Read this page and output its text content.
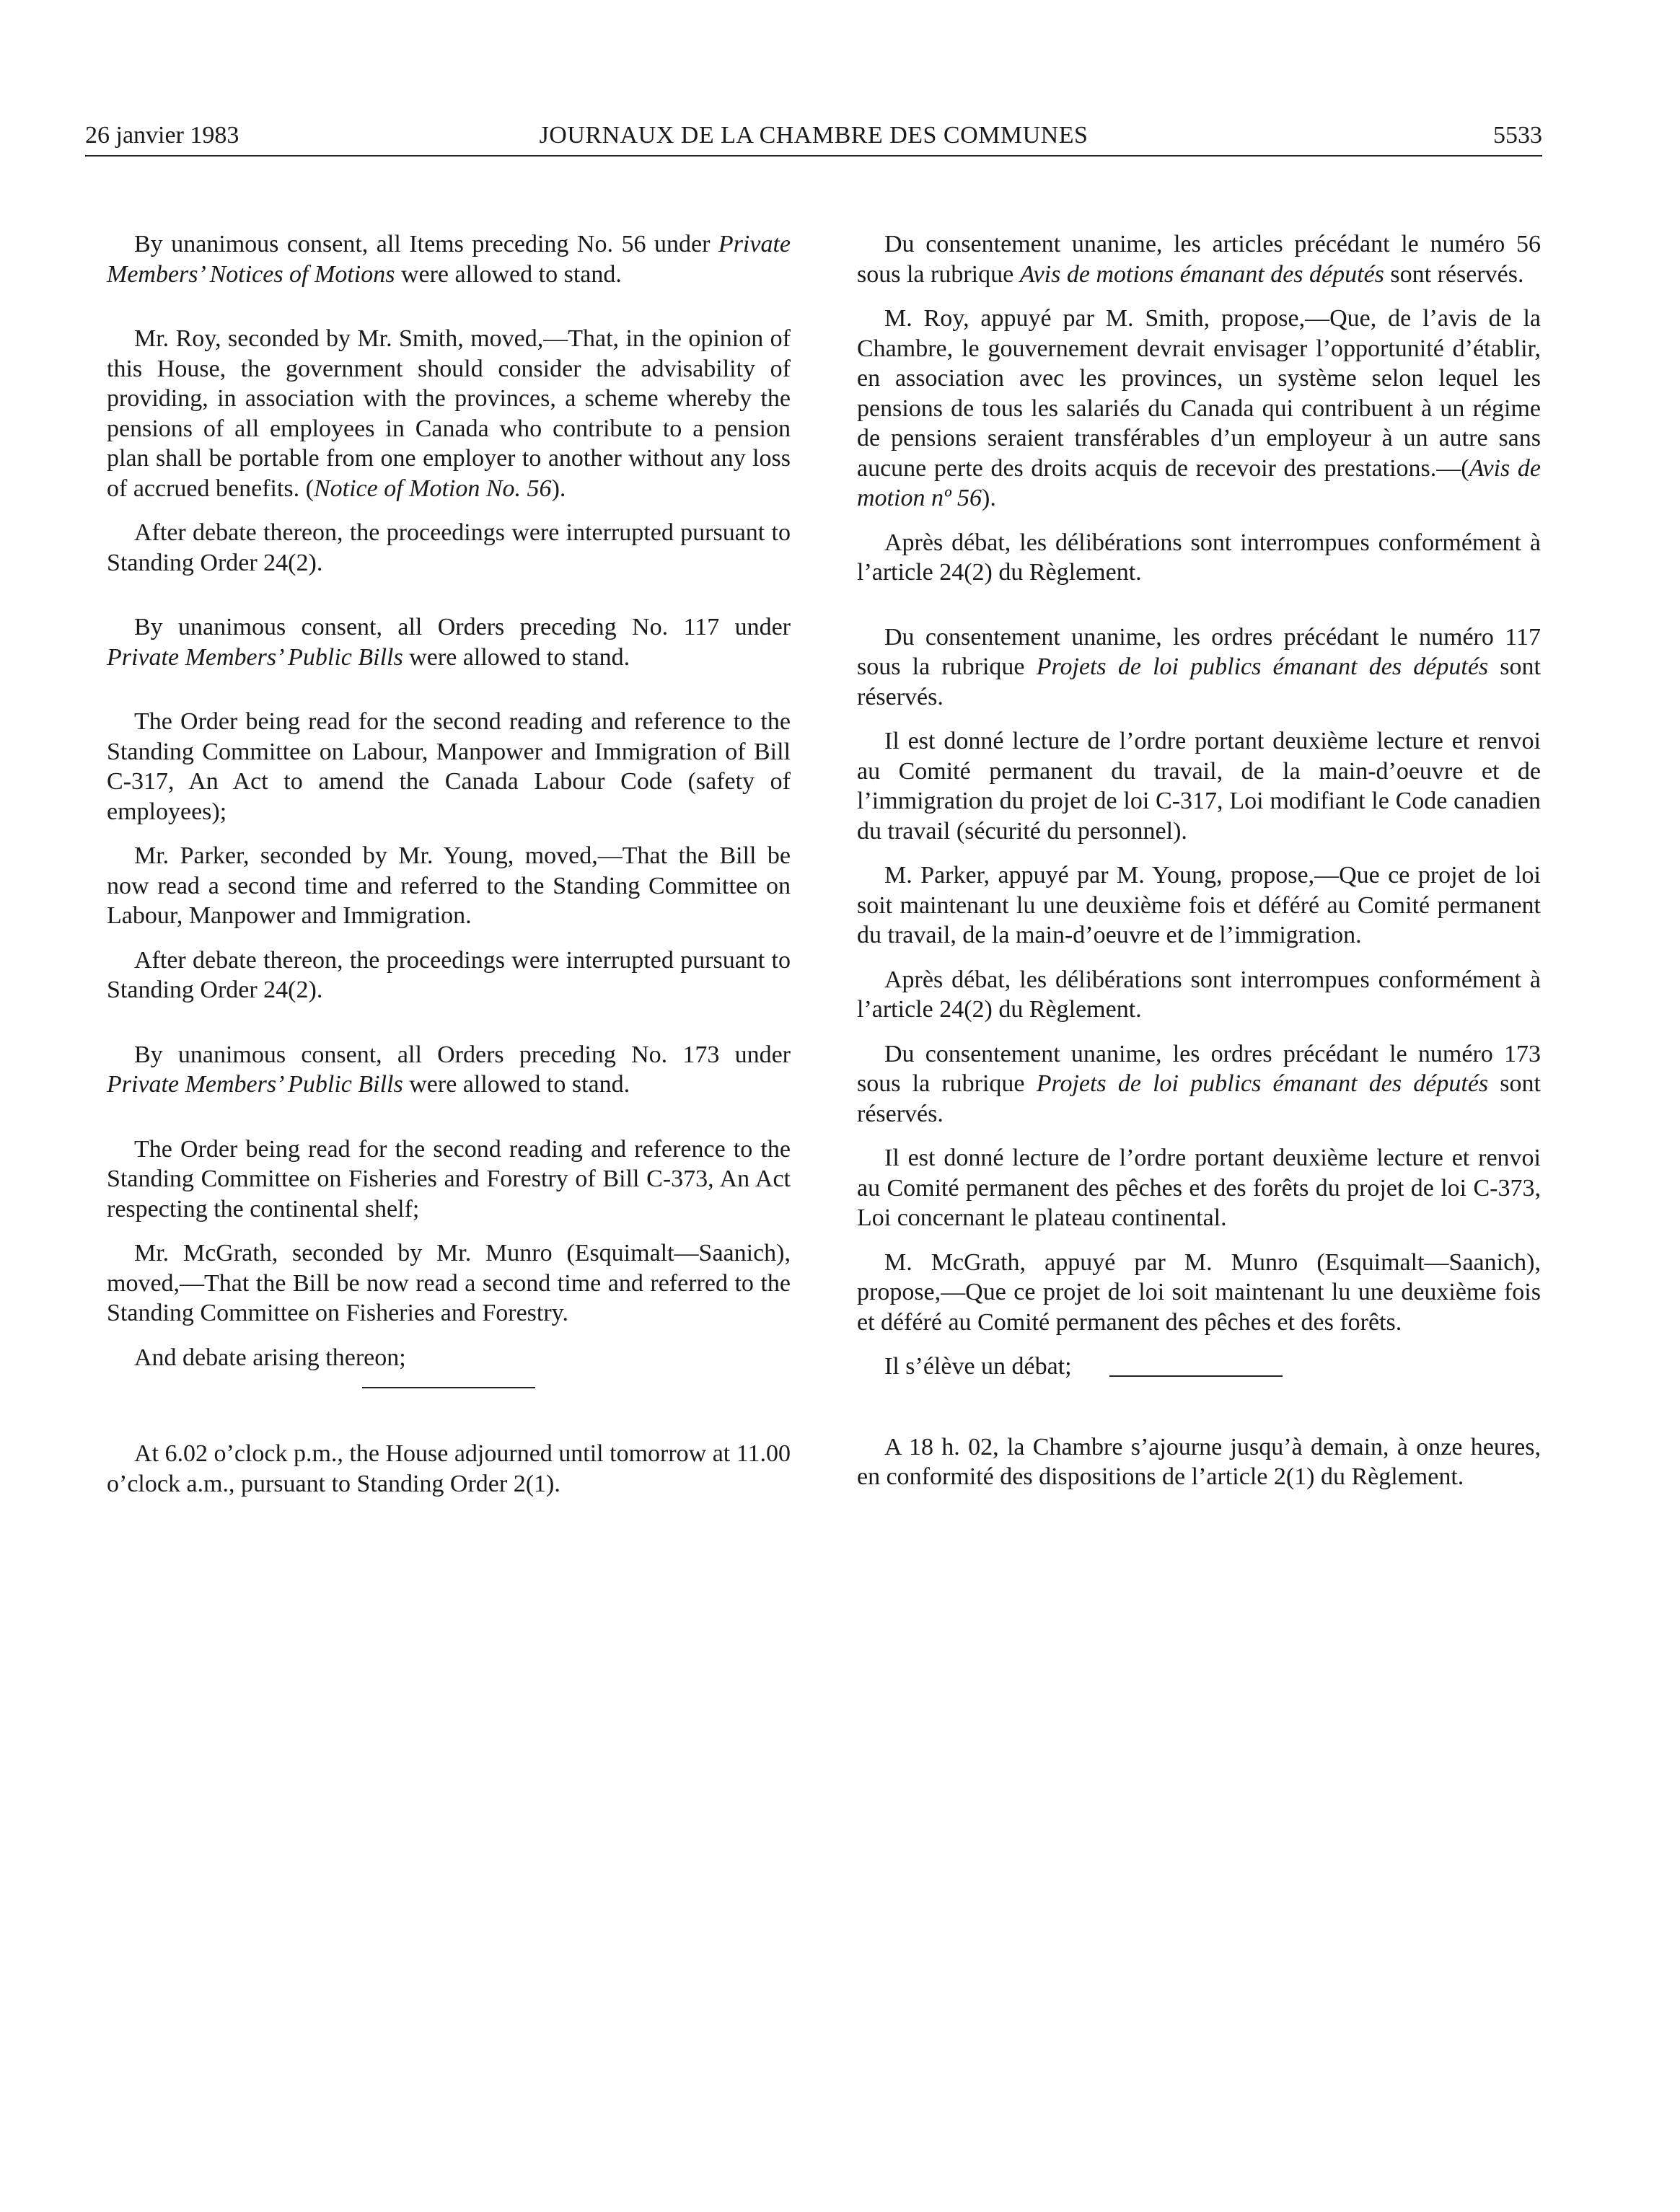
26 janvier 1983	JOURNAUX DE LA CHAMBRE DES COMMUNES	5533

By unanimous consent, all Items preceding No. 56 under Private Members’ Notices of Motions were allowed to stand.

Mr. Roy, seconded by Mr. Smith, moved,—That, in the opinion of this House, the government should consider the advisability of providing, in association with the provinces, a scheme whereby the pensions of all employees in Canada who contribute to a pension plan shall be portable from one employer to another without any loss of accrued benefits. (Notice of Motion No. 56).

After debate thereon, the proceedings were interrupted pursuant to Standing Order 24(2).

By unanimous consent, all Orders preceding No. 117 under Private Members’ Public Bills were allowed to stand.

The Order being read for the second reading and reference to the Standing Committee on Labour, Manpower and Immigration of Bill C-317, An Act to amend the Canada Labour Code (safety of employees);

Mr. Parker, seconded by Mr. Young, moved,—That the Bill be now read a second time and referred to the Standing Committee on Labour, Manpower and Immigration.

After debate thereon, the proceedings were interrupted pursuant to Standing Order 24(2).

By unanimous consent, all Orders preceding No. 173 under Private Members’ Public Bills were allowed to stand.

The Order being read for the second reading and reference to the Standing Committee on Fisheries and Forestry of Bill C-373, An Act respecting the continental shelf;

Mr. McGrath, seconded by Mr. Munro (Esquimalt—Saanich), moved,—That the Bill be now read a second time and referred to the Standing Committee on Fisheries and Forestry.

And debate arising thereon;

At 6.02 o’clock p.m., the House adjourned until tomorrow at 11.00 o’clock a.m., pursuant to Standing Order 2(1).

Du consentement unanime, les articles précédant le numéro 56 sous la rubrique Avis de motions émanant des députés sont réservés.

M. Roy, appuyé par M. Smith, propose,—Que, de l’avis de la Chambre, le gouvernement devrait envisager l’opportunité d’établir, en association avec les provinces, un système selon lequel les pensions de tous les salariés du Canada qui contribuent à un régime de pensions seraient transférables d’un employeur à un autre sans aucune perte des droits acquis de recevoir des prestations.—(Avis de motion nº 56).

Après débat, les délibérations sont interrompues conformément à l’article 24(2) du Règlement.

Du consentement unanime, les ordres précédant le numéro 117 sous la rubrique Projets de loi publics émanant des députés sont réservés.

Il est donné lecture de l’ordre portant deuxième lecture et renvoi au Comité permanent du travail, de la main-d’oeuvre et de l’immigration du projet de loi C-317, Loi modifiant le Code canadien du travail (sécurité du personnel).

M. Parker, appuyé par M. Young, propose,—Que ce projet de loi soit maintenant lu une deuxième fois et déféré au Comité permanent du travail, de la main-d’oeuvre et de l’immigration.

Après débat, les délibérations sont interrompues conformément à l’article 24(2) du Règlement.

Du consentement unanime, les ordres précédant le numéro 173 sous la rubrique Projets de loi publics émanant des députés sont réservés.

Il est donné lecture de l’ordre portant deuxième lecture et renvoi au Comité permanent des pêches et des forêts du projet de loi C-373, Loi concernant le plateau continental.

M. McGrath, appuyé par M. Munro (Esquimalt—Saanich), propose,—Que ce projet de loi soit maintenant lu une deuxième fois et déféré au Comité permanent des pêches et des forêts.

Il s’élève un débat;

A 18 h. 02, la Chambre s’ajourne jusqu’à demain, à onze heures, en conformité des dispositions de l’article 2(1) du Règlement.
